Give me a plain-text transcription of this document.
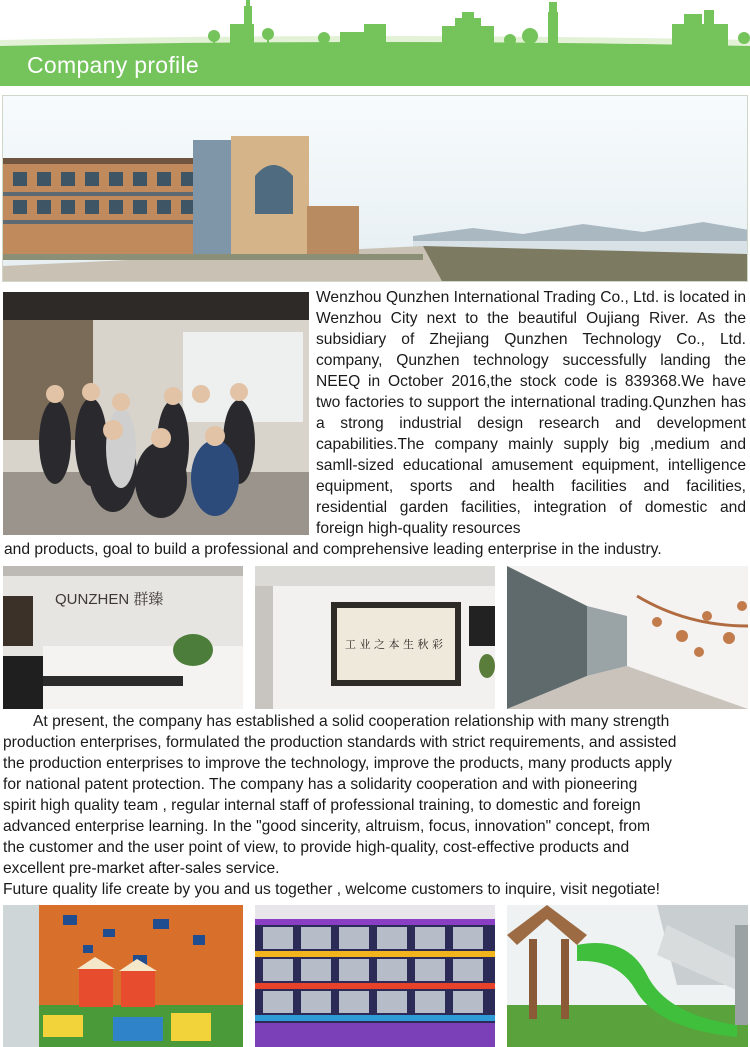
Company profile
Wenzhou Qunzhen International Trading Co., Ltd. is located in Wenzhou City next to the beautiful Oujiang River. As the subsidiary of Zhejiang Qunzhen Technology Co., Ltd. company, Qunzhen technology successfully landing the NEEQ in October 2016,the stock code is 839368.We have two factories to support the international trading.Qunzhen has a strong industrial design research and development capabilities.The company mainly supply big ,medium and samll-sized educational amusement equipment, intelligence equipment, sports and health facilities and facilities, residential garden facilities, integration of domestic and foreign high-quality resources
and products, goal to build a professional and comprehensive leading enterprise in the industry.
QUNZHEN 群臻
工 业 之 本 生 秋 彩
At present, the company has established a solid cooperation relationship with many strength
production enterprises, formulated the production standards with strict requirements, and assisted
the production enterprises to improve the technology, improve the products, many products apply
for national patent protection. The company has a solidarity cooperation and with pioneering
spirit high quality team , regular internal staff of professional training, to domestic and foreign
advanced enterprise learning. In the "good sincerity, altruism, focus, innovation" concept, from
the customer and the user point of view, to provide high-quality, cost-effective products and
excellent pre-market after-sales service.
Future quality life create by you and us together , welcome customers to inquire, visit negotiate!
